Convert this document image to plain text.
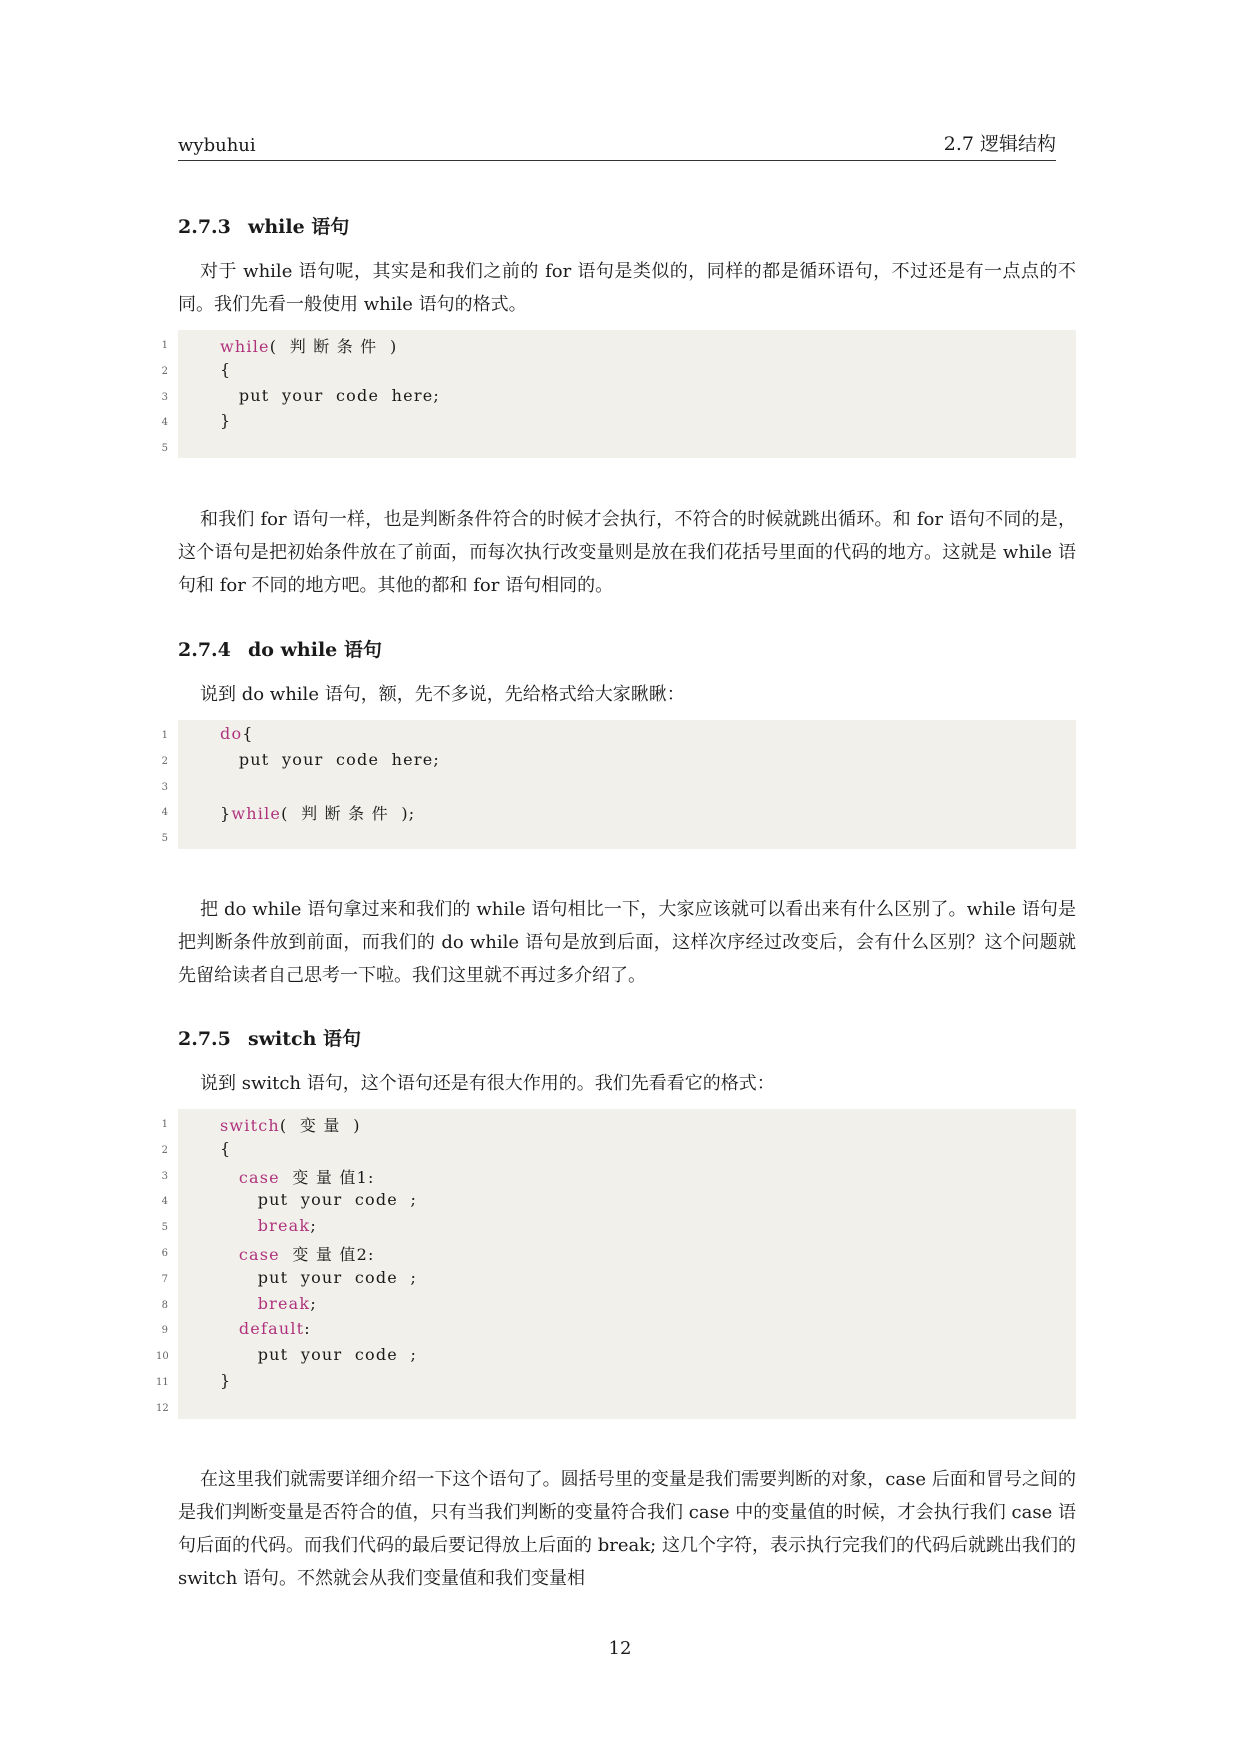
wybuhui	2.7 逻辑结构
2.7.3 while 语句

对于 while 语句呢，其实是和我们之前的 for 语句是类似的，同样的都是循环语句，不过还是有一点点的不同。我们先看一般使用 while 语句的格式。

1	while(  判 断 条 件  )
2	{
3	put  your  code  here;
4	}
5

和我们 for 语句一样，也是判断条件符合的时候才会执行，不符合的时候就跳出循环。和 for 语句不同的是，这个语句是把初始条件放在了前面，而每次执行改变量则是放在我们花括号里面的代码的地方。这就是 while 语句和 for 不同的地方吧。其他的都和 for 语句相同的。

2.7.4 do while 语句

说到 do while 语句，额，先不多说，先给格式给大家瞅瞅：

1	do{
2	put  your  code  here;
3
4	}while(  判 断 条 件  );
5

把 do while 语句拿过来和我们的 while 语句相比一下，大家应该就可以看出来有什么区别了。while 语句是把判断条件放到前面，而我们的 do while 语句是放到后面，这样次序经过改变后，会有什么区别？这个问题就先留给读者自己思考一下啦。我们这里就不再过多介绍了。

2.7.5 switch 语句

说到 switch 语句，这个语句还是有很大作用的。我们先看看它的格式：

1	switch(  变 量  )
2	{
3	case  变 量 值1:
4	put  your  code  ;
5	break;
6	case  变 量 值2:
7	put  your  code  ;
8	break;
9	default:
10	put  your  code  ;
11	}
12

在这里我们就需要详细介绍一下这个语句了。圆括号里的变量是我们需要判断的对象，case 后面和冒号之间的是我们判断变量是否符合的值，只有当我们判断的变量符合我们 case 中的变量值的时候，才会执行我们 case 语句后面的代码。而我们代码的最后要记得放上后面的 break; 这几个字符，表示执行完我们的代码后就跳出我们的 switch 语句。不然就会从我们变量值和我们变量相

12
